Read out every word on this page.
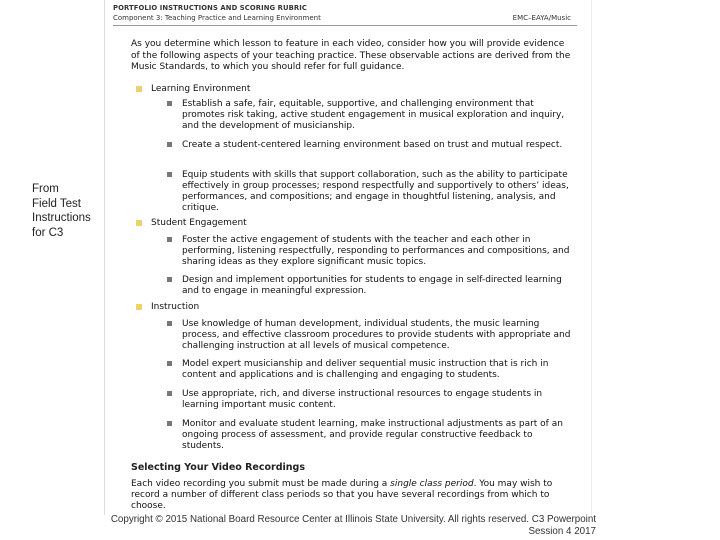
From
Field Test
Instructions
for C3
PORTFOLIO INSTRUCTIONS AND SCORING RUBRIC
Component 3: Teaching Practice and Learning Environment	EMC–EAYA/Music
As you determine which lesson to feature in each video, consider how you will provide evidence of the following aspects of your teaching practice. These observable actions are derived from the Music Standards, to which you should refer for full guidance.
Learning Environment
Establish a safe, fair, equitable, supportive, and challenging environment that promotes risk taking, active student engagement in musical exploration and inquiry, and the development of musicianship.
Create a student-centered learning environment based on trust and mutual respect.
Equip students with skills that support collaboration, such as the ability to participate effectively in group processes; respond respectfully and supportively to others’ ideas, performances, and compositions; and engage in thoughtful listening, analysis, and critique.
Student Engagement
Foster the active engagement of students with the teacher and each other in performing, listening respectfully, responding to performances and compositions, and sharing ideas as they explore significant music topics.
Design and implement opportunities for students to engage in self-directed learning and to engage in meaningful expression.
Instruction
Use knowledge of human development, individual students, the music learning process, and effective classroom procedures to provide students with appropriate and challenging instruction at all levels of musical competence.
Model expert musicianship and deliver sequential music instruction that is rich in content and applications and is challenging and engaging to students.
Use appropriate, rich, and diverse instructional resources to engage students in learning important music content.
Monitor and evaluate student learning, make instructional adjustments as part of an ongoing process of assessment, and provide regular constructive feedback to students.
Selecting Your Video Recordings
Each video recording you submit must be made during a single class period. You may wish to record a number of different class periods so that you have several recordings from which to choose.
Copyright © 2015 National Board Resource Center at Illinois State University. All rights reserved. C3 Powerpoint
Session 4 2017
